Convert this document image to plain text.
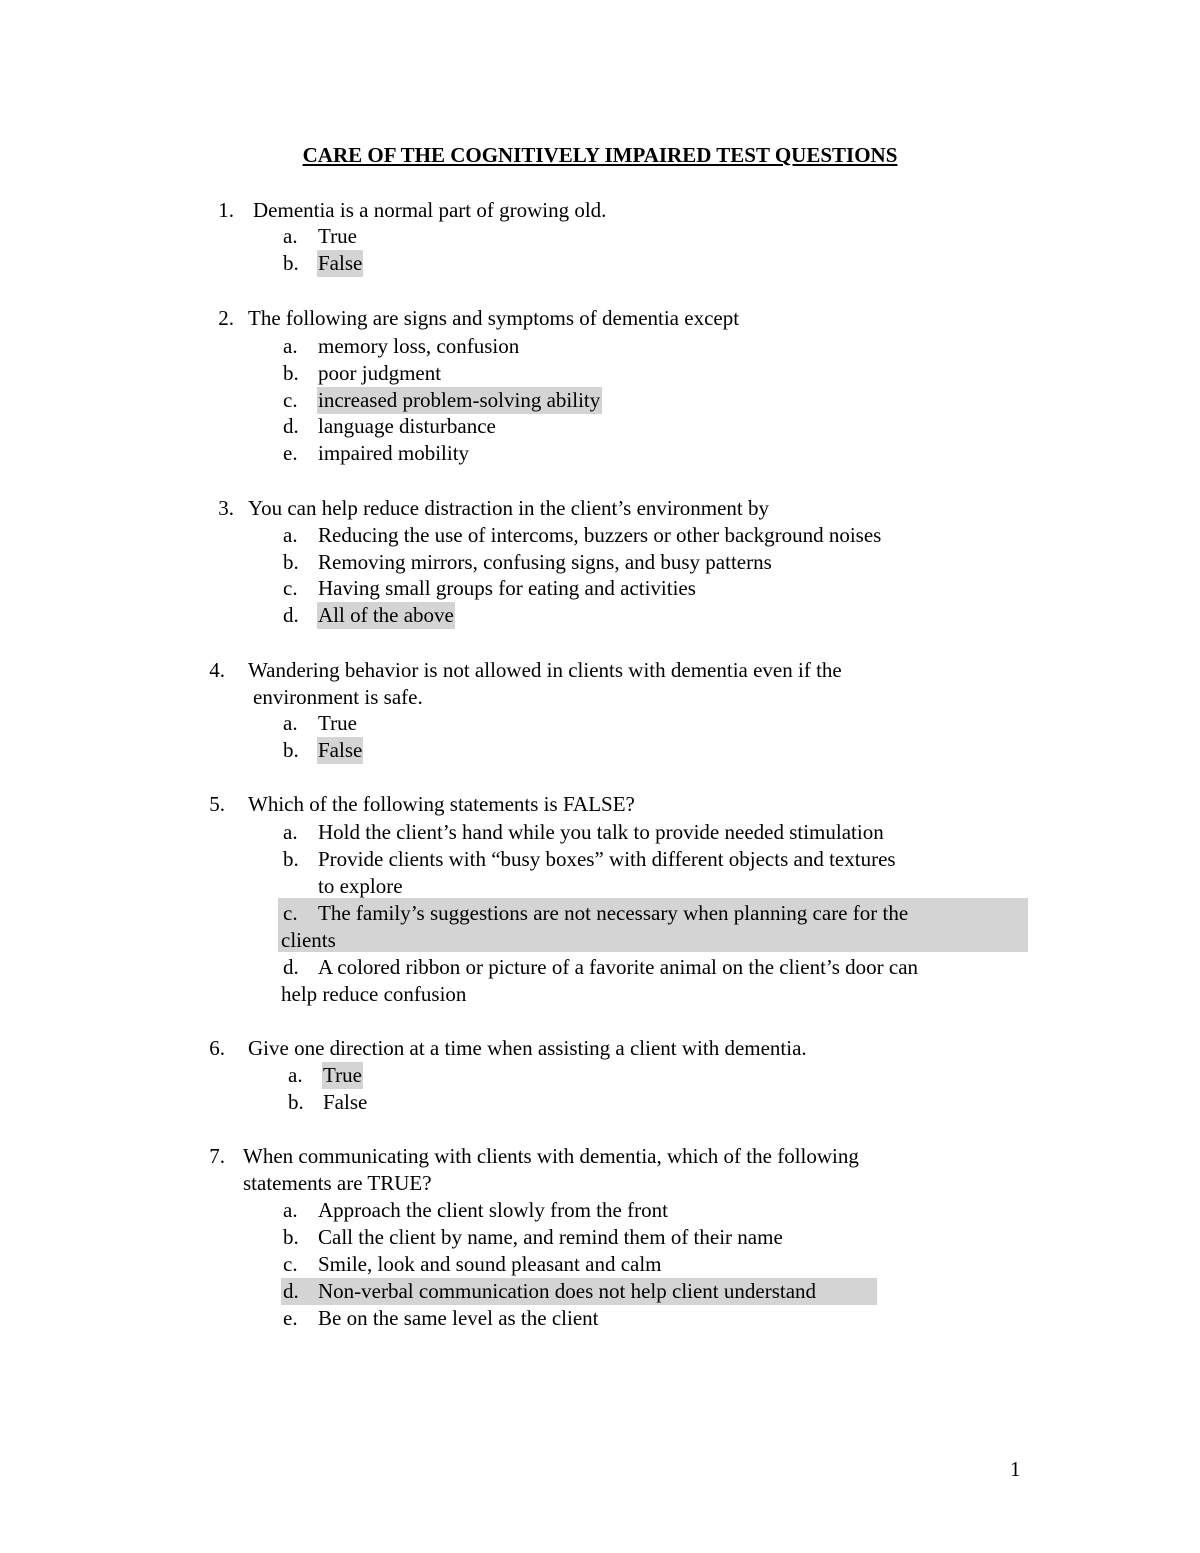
CARE OF THE COGNITIVELY IMPAIRED TEST QUESTIONS
1. Dementia is a normal part of growing old.
a. True
b. False
2. The following are signs and symptoms of dementia except
a. memory loss, confusion
b. poor judgment
c. increased problem-solving ability
d. language disturbance
e. impaired mobility
3. You can help reduce distraction in the client’s environment by
a. Reducing the use of intercoms, buzzers or other background noises
b. Removing mirrors, confusing signs, and busy patterns
c. Having small groups for eating and activities
d. All of the above
4. Wandering behavior is not allowed in clients with dementia even if the
environment is safe.
a. True
b. False
5. Which of the following statements is FALSE?
a. Hold the client’s hand while you talk to provide needed stimulation
b. Provide clients with “busy boxes” with different objects and textures
to explore
c. The family’s suggestions are not necessary when planning care for the
clients
d. A colored ribbon or picture of a favorite animal on the client’s door can
help reduce confusion
6. Give one direction at a time when assisting a client with dementia.
a. True
b. False
7. When communicating with clients with dementia, which of the following
statements are TRUE?
a. Approach the client slowly from the front
b. Call the client by name, and remind them of their name
c. Smile, look and sound pleasant and calm
d. Non-verbal communication does not help client understand
e. Be on the same level as the client
1
